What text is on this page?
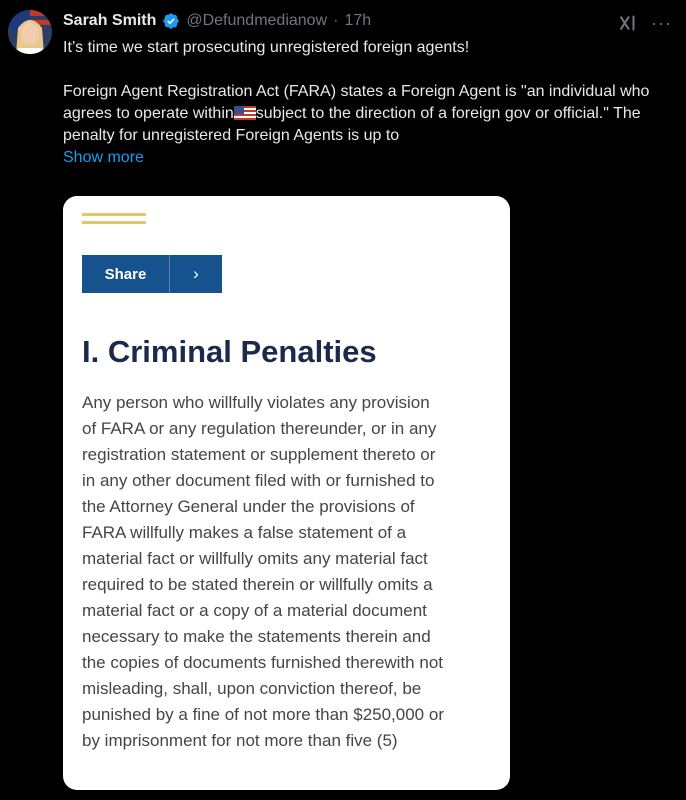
Sarah Smith @Defundmedianow · 17h	···

It’s time we start prosecuting unregistered foreign agents!

Foreign Agent Registration Act (FARA) states a Foreign Agent is "an individual who agrees to operate within subject to the direction of a foreign gov or official." The penalty for unregistered Foreign Agents is up to

Show more
Share	›
I. Criminal Penalties
Any person who willfully violates any provision
of FARA or any regulation thereunder, or in any
registration statement or supplement thereto or
in any other document filed with or furnished to
the Attorney General under the provisions of
FARA willfully makes a false statement of a
material fact or willfully omits any material fact
required to be stated therein or willfully omits a
material fact or a copy of a material document
necessary to make the statements therein and
the copies of documents furnished therewith not
misleading, shall, upon conviction thereof, be
punished by a fine of not more than $250,000 or
by imprisonment for not more than five (5)
